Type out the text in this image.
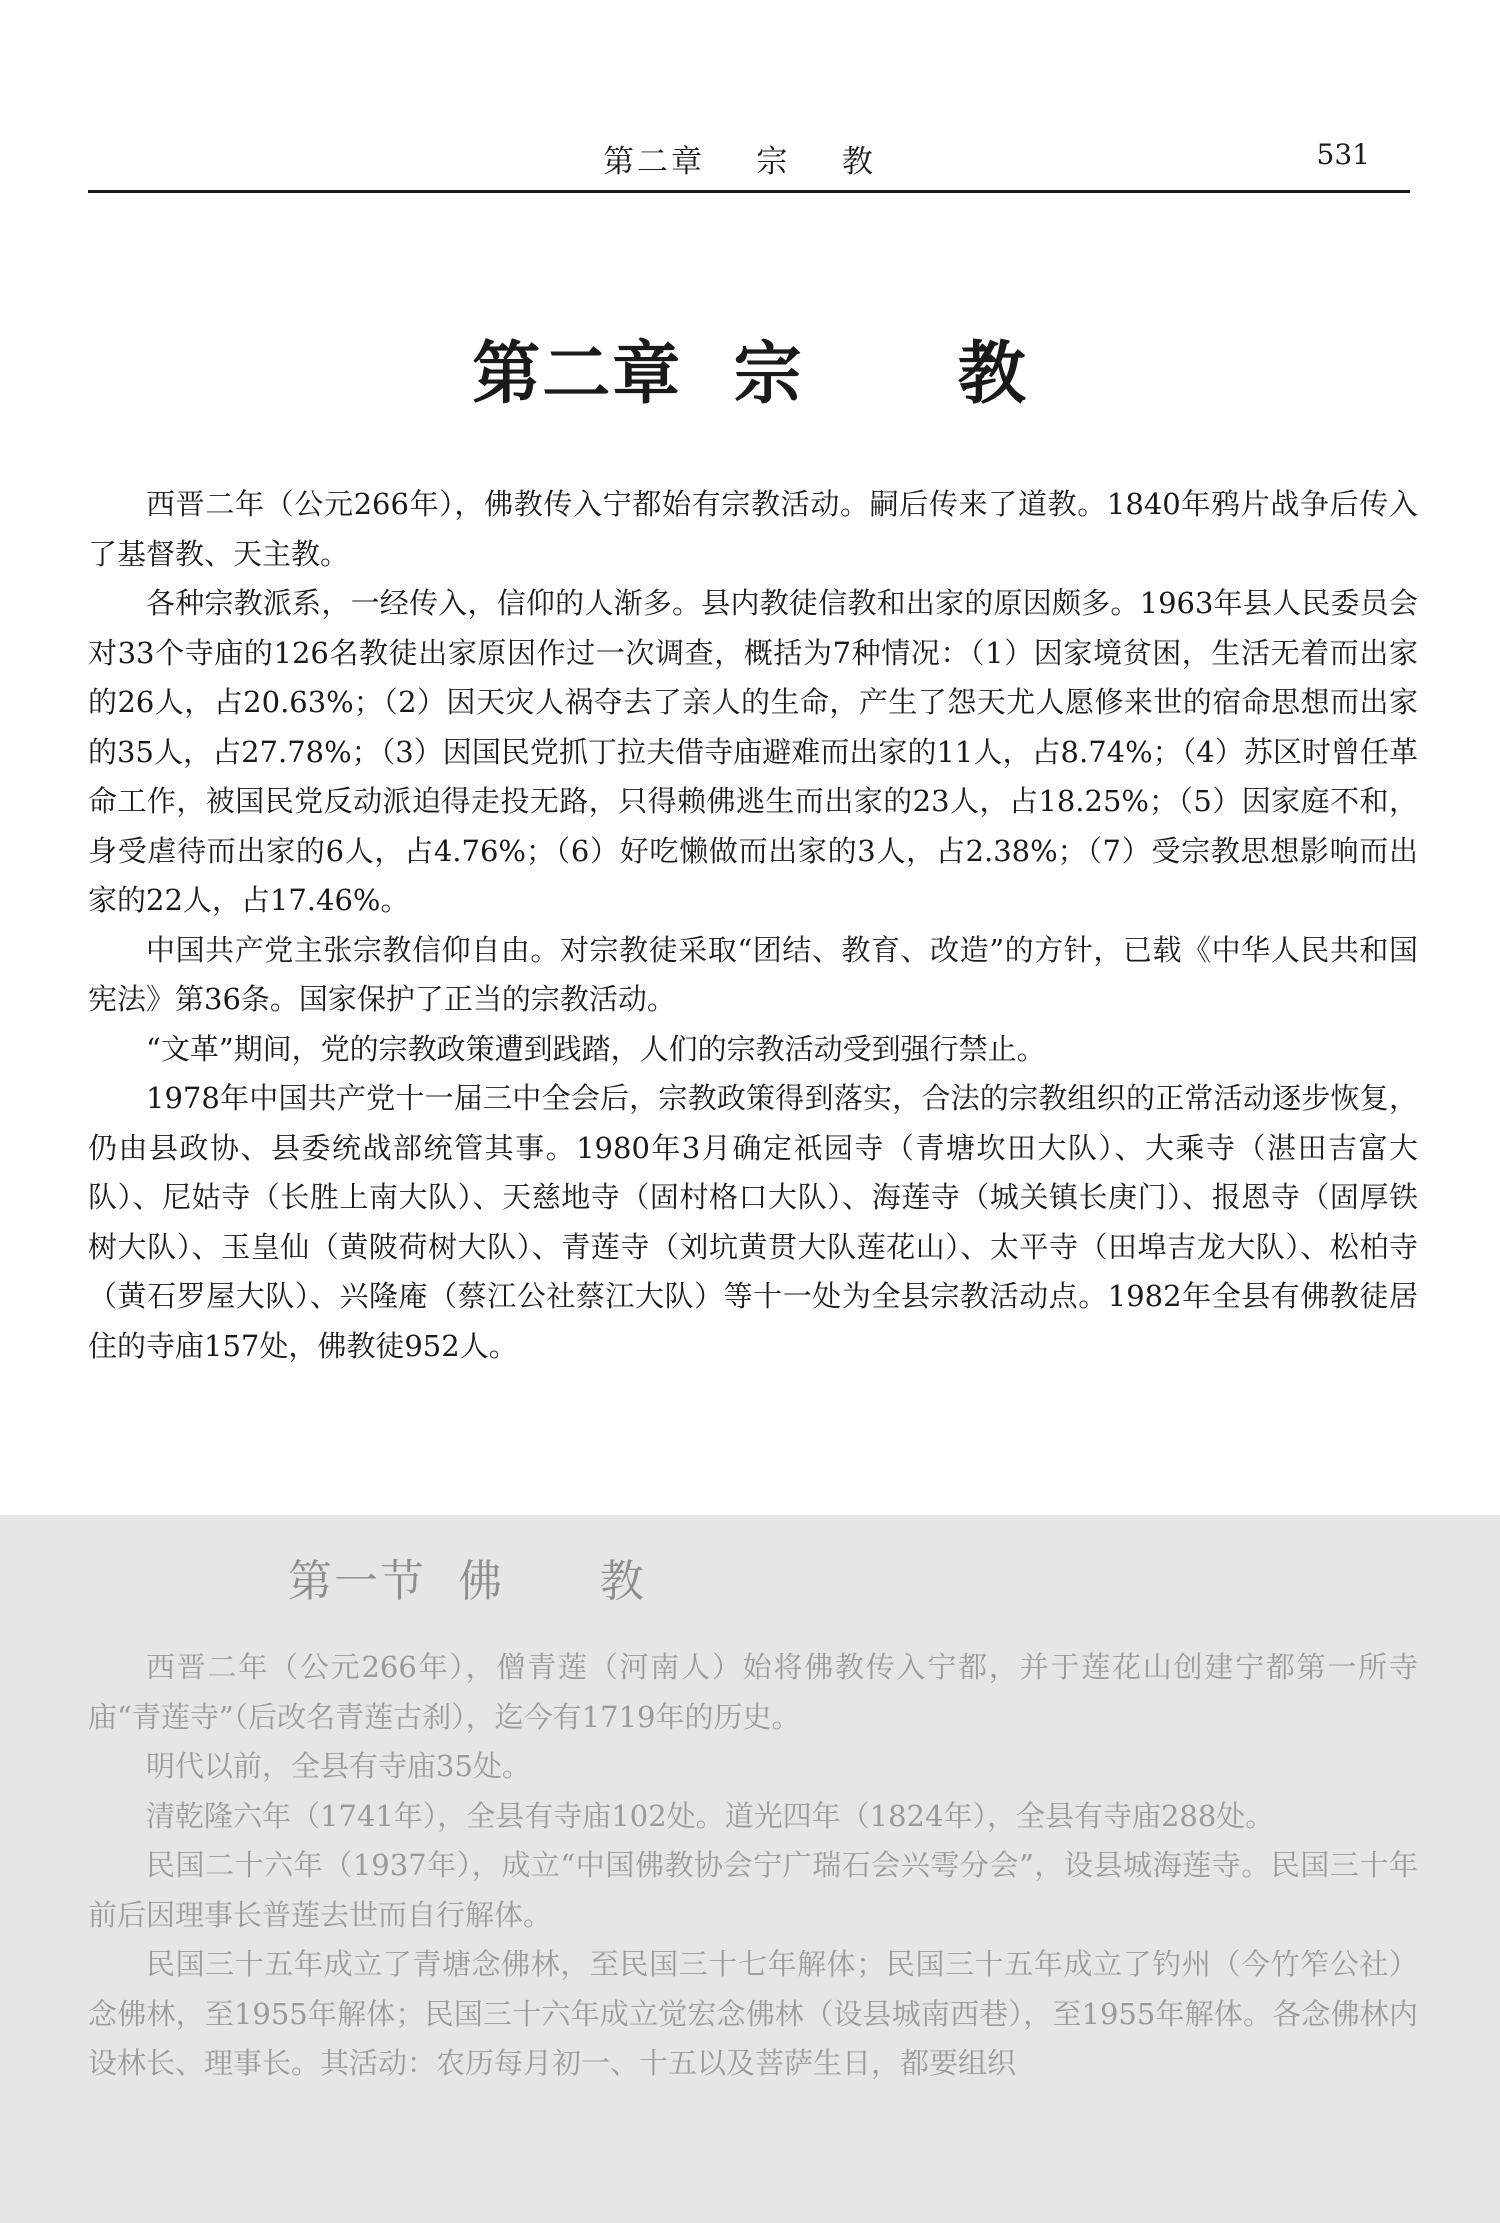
第二章    宗    教	531
第二章  宗      教

西晋二年（公元266年），佛教传入宁都始有宗教活动。嗣后传来了道教。1840年鸦片战争后传入了基督教、天主教。

各种宗教派系，一经传入，信仰的人渐多。县内教徒信教和出家的原因颇多。1963年县人民委员会对33个寺庙的126名教徒出家原因作过一次调查，概括为7种情况：（1）因家境贫困，生活无着而出家的26人，占20.63%；（2）因天灾人祸夺去了亲人的生命，产生了怨天尤人愿修来世的宿命思想而出家的35人，占27.78%；（3）因国民党抓丁拉夫借寺庙避难而出家的11人，占8.74%；（4）苏区时曾任革命工作，被国民党反动派迫得走投无路，只得赖佛逃生而出家的23人，占18.25%；（5）因家庭不和，身受虐待而出家的6人，占4.76%；（6）好吃懒做而出家的3人，占2.38%；（7）受宗教思想影响而出家的22人，占17.46%。

中国共产党主张宗教信仰自由。对宗教徒采取“团结、教育、改造”的方针，已载《中华人民共和国宪法》第36条。国家保护了正当的宗教活动。

“文革”期间，党的宗教政策遭到践踏，人们的宗教活动受到强行禁止。

1978年中国共产党十一届三中全会后，宗教政策得到落实，合法的宗教组织的正常活动逐步恢复，仍由县政协、县委统战部统管其事。1980年3月确定祇园寺（青塘坎田大队）、大乘寺（湛田吉富大队）、尼姑寺（长胜上南大队）、天慈地寺（固村格口大队）、海莲寺（城关镇长庚门）、报恩寺（固厚铁树大队）、玉皇仙（黄陂荷树大队）、青莲寺（刘坑黄贯大队莲花山）、太平寺（田埠吉龙大队）、松柏寺（黄石罗屋大队）、兴隆庵（蔡江公社蔡江大队）等十一处为全县宗教活动点。1982年全县有佛教徒居住的寺庙157处，佛教徒952人。

第一节  佛      教

西晋二年（公元266年），僧青莲（河南人）始将佛教传入宁都，并于莲花山创建宁都第一所寺庙“青莲寺”（后改名青莲古刹），迄今有1719年的历史。

明代以前，全县有寺庙35处。

清乾隆六年（1741年），全县有寺庙102处。道光四年（1824年），全县有寺庙288处。

民国二十六年（1937年），成立“中国佛教协会宁广瑞石会兴雩分会”，设县城海莲寺。民国三十年前后因理事长普莲去世而自行解体。

民国三十五年成立了青塘念佛林，至民国三十七年解体；民国三十五年成立了钓州（今竹笮公社）念佛林，至1955年解体；民国三十六年成立觉宏念佛林（设县城南西巷），至1955年解体。各念佛林内设林长、理事长。其活动：农历每月初一、十五以及菩萨生日，都要组织
